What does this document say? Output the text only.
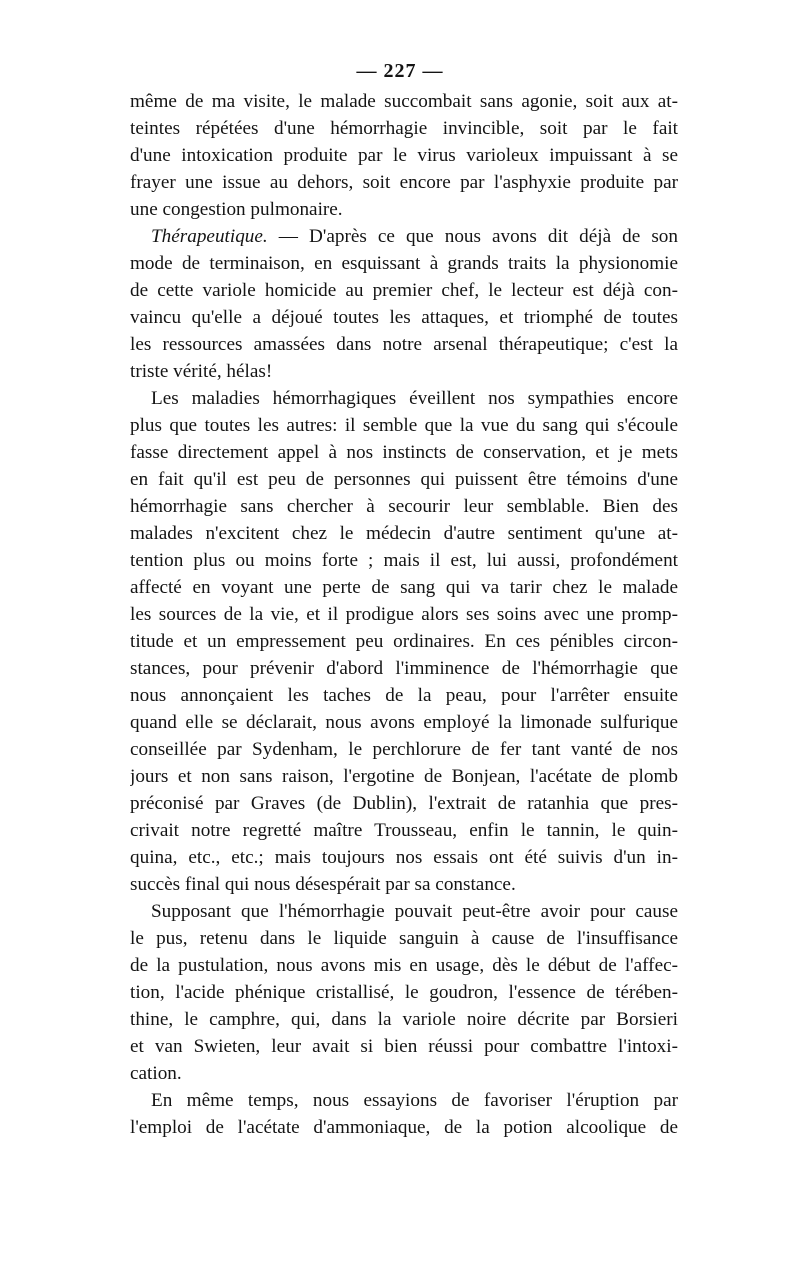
— 227 —
même de ma visite, le malade succombait sans agonie, soit aux at-
teintes répétées d'une hémorrhagie invincible, soit par le fait
d'une intoxication produite par le virus varioleux impuissant à se
frayer une issue au dehors, soit encore par l'asphyxie produite par
une congestion pulmonaire.
Thérapeutique. — D'après ce que nous avons dit déjà de son
mode de terminaison, en esquissant à grands traits la physionomie
de cette variole homicide au premier chef, le lecteur est déjà con-
vaincu qu'elle a déjoué toutes les attaques, et triomphé de toutes
les ressources amassées dans notre arsenal thérapeutique; c'est la
triste vérité, hélas!
Les maladies hémorrhagiques éveillent nos sympathies encore
plus que toutes les autres: il semble que la vue du sang qui s'écoule
fasse directement appel à nos instincts de conservation, et je mets
en fait qu'il est peu de personnes qui puissent être témoins d'une
hémorrhagie sans chercher à secourir leur semblable. Bien des
malades n'excitent chez le médecin d'autre sentiment qu'une at-
tention plus ou moins forte ; mais il est, lui aussi, profondément
affecté en voyant une perte de sang qui va tarir chez le malade
les sources de la vie, et il prodigue alors ses soins avec une promp-
titude et un empressement peu ordinaires. En ces pénibles circon-
stances, pour prévenir d'abord l'imminence de l'hémorrhagie que
nous annonçaient les taches de la peau, pour l'arrêter ensuite
quand elle se déclarait, nous avons employé la limonade sulfurique
conseillée par Sydenham, le perchlorure de fer tant vanté de nos
jours et non sans raison, l'ergotine de Bonjean, l'acétate de plomb
préconisé par Graves (de Dublin), l'extrait de ratanhia que pres-
crivait notre regretté maître Trousseau, enfin le tannin, le quin-
quina, etc., etc.; mais toujours nos essais ont été suivis d'un in-
succès final qui nous désespérait par sa constance.
Supposant que l'hémorrhagie pouvait peut-être avoir pour cause
le pus, retenu dans le liquide sanguin à cause de l'insuffisance
de la pustulation, nous avons mis en usage, dès le début de l'affec-
tion, l'acide phénique cristallisé, le goudron, l'essence de térében-
thine, le camphre, qui, dans la variole noire décrite par Borsieri
et van Swieten, leur avait si bien réussi pour combattre l'intoxi-
cation.
En même temps, nous essayions de favoriser l'éruption par
l'emploi de l'acétate d'ammoniaque, de la potion alcoolique de
